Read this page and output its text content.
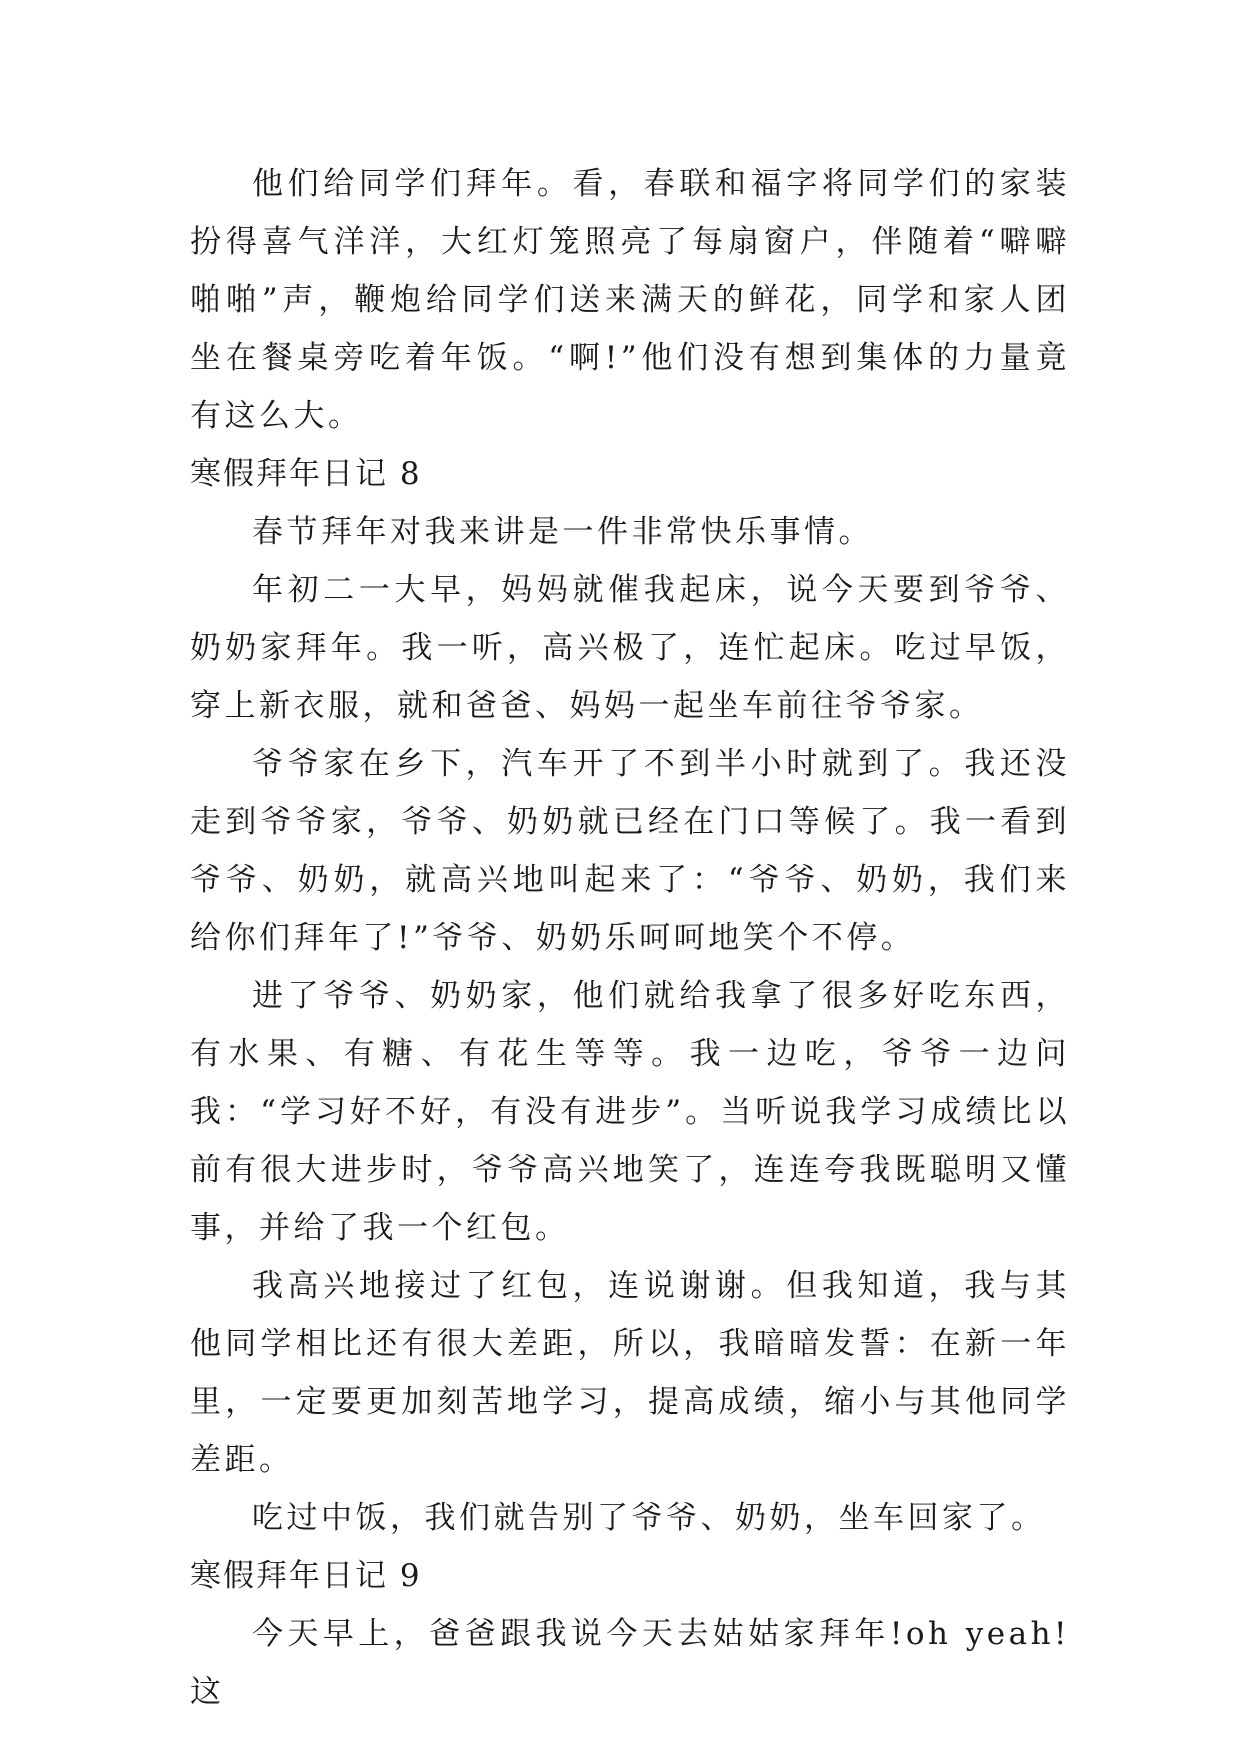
他们给同学们拜年。看，春联和福字将同学们的家装扮得喜气洋洋，大红灯笼照亮了每扇窗户，伴随着“噼噼啪啪”声，鞭炮给同学们送来满天的鲜花，同学和家人团坐在餐桌旁吃着年饭。“啊!”他们没有想到集体的力量竟有这么大。

寒假拜年日记 8

春节拜年对我来讲是一件非常快乐事情。

年初二一大早，妈妈就催我起床，说今天要到爷爷、奶奶家拜年。我一听，高兴极了，连忙起床。吃过早饭，穿上新衣服，就和爸爸、妈妈一起坐车前往爷爷家。

爷爷家在乡下，汽车开了不到半小时就到了。我还没走到爷爷家，爷爷、奶奶就已经在门口等候了。我一看到爷爷、奶奶，就高兴地叫起来了：“爷爷、奶奶，我们来给你们拜年了!”爷爷、奶奶乐呵呵地笑个不停。

进了爷爷、奶奶家，他们就给我拿了很多好吃东西，有水果、有糖、有花生等等。我一边吃，爷爷一边问我：“学习好不好，有没有进步”。当听说我学习成绩比以前有很大进步时，爷爷高兴地笑了，连连夸我既聪明又懂事，并给了我一个红包。

我高兴地接过了红包，连说谢谢。但我知道，我与其他同学相比还有很大差距，所以，我暗暗发誓：在新一年里，一定要更加刻苦地学习，提高成绩，缩小与其他同学差距。

吃过中饭，我们就告别了爷爷、奶奶，坐车回家了。

寒假拜年日记 9

今天早上，爸爸跟我说今天去姑姑家拜年!oh yeah!这
